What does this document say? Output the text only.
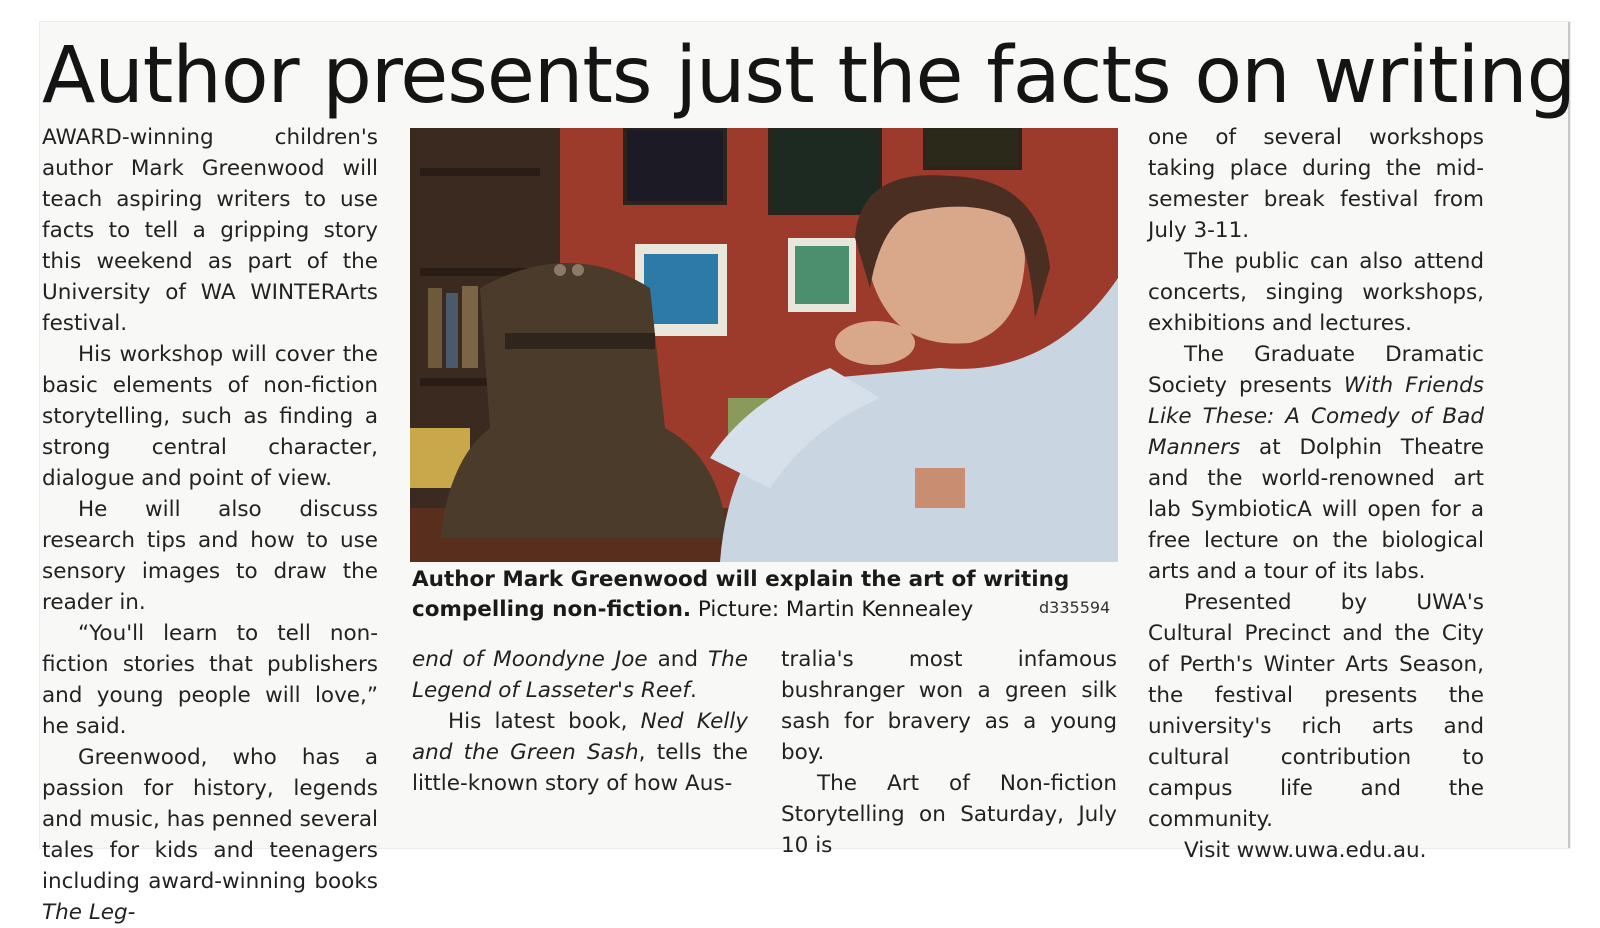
Author presents just the facts on writing

AWARD-winning children's author Mark Greenwood will teach aspiring writers to use facts to tell a gripping story this weekend as part of the University of WA WINTERArts festival.

His workshop will cover the basic elements of non-fiction storytelling, such as finding a strong central character, dialogue and point of view.

He will also discuss research tips and how to use sensory images to draw the reader in.

“You'll learn to tell non-fiction stories that publishers and young people will love,” he said.

Greenwood, who has a passion for history, legends and music, has penned several tales for kids and teenagers including award-winning books The Leg-

Author Mark Greenwood will explain the art of writing compelling non-fiction. Picture: Martin Kennealey	d335594

end of Moondyne Joe and The Legend of Lasseter's Reef.

His latest book, Ned Kelly and the Green Sash, tells the little-known story of how Aus-

tralia's most infamous bushranger won a green silk sash for bravery as a young boy.

The Art of Non-fiction Storytelling on Saturday, July 10 is

one of several workshops taking place during the mid-semester break festival from July 3-11.

The public can also attend concerts, singing workshops, exhibitions and lectures.

The Graduate Dramatic Society presents With Friends Like These: A Comedy of Bad Manners at Dolphin Theatre and the world-renowned art lab SymbioticA will open for a free lecture on the biological arts and a tour of its labs.

Presented by UWA's Cultural Precinct and the City of Perth's Winter Arts Season, the festival presents the university's rich arts and cultural contribution to campus life and the community.

Visit www.uwa.edu.au.
